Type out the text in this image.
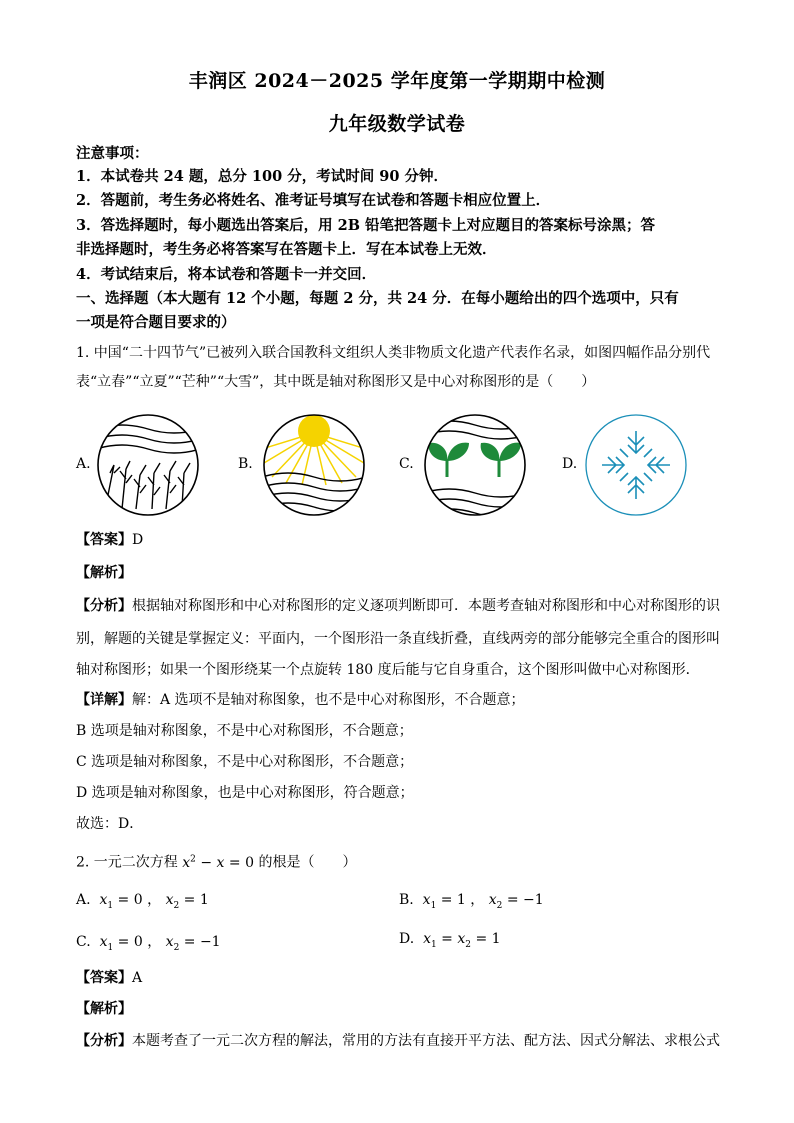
丰润区 2024－2025 学年度第一学期期中检测
九年级数学试卷
注意事项：
1．本试卷共 24 题，总分 100 分，考试时间 90 分钟．
2．答题前，考生务必将姓名、准考证号填写在试卷和答题卡相应位置上．
3．答选择题时，每小题选出答案后，用 2B 铅笔把答题卡上对应题目的答案标号涂黑；答
非选择题时，考生务必将答案写在答题卡上．写在本试卷上无效．
4．考试结束后，将本试卷和答题卡一并交回．
一、选择题（本大题有 12 个小题，每题 2 分，共 24 分．在每小题给出的四个选项中，只有
一项是符合题目要求的）
1. 中国“二十四节气”已被列入联合国教科文组织人类非物质文化遗产代表作名录，如图四幅作品分别代
表“立春”“立夏”“芒种”“大雪”，其中既是轴对称图形又是中心对称图形的是（　　）
A.	B.	C.	D.
【答案】D
【解析】
【分析】根据轴对称图形和中心对称图形的定义逐项判断即可．本题考查轴对称图形和中心对称图形的识
别，解题的关键是掌握定义：平面内，一个图形沿一条直线折叠，直线两旁的部分能够完全重合的图形叫
轴对称图形；如果一个图形绕某一个点旋转 180 度后能与它自身重合，这个图形叫做中心对称图形．
【详解】解：A 选项不是轴对称图象，也不是中心对称图形，不合题意；
B 选项是轴对称图象，不是中心对称图形，不合题意；
C 选项是轴对称图象，不是中心对称图形，不合题意；
D 选项是轴对称图象，也是中心对称图形，符合题意；
故选：D．
2. 一元二次方程 $x^2 - x = 0$ 的根是（　　）
A. $x_1 = 0$ ， $x_2 = 1$	B. $x_1 = 1$ ， $x_2 = -1$
C. $x_1 = 0$ ， $x_2 = -1$	D. $x_1 = x_2 = 1$
【答案】A
【解析】
【分析】本题考查了一元二次方程的解法，常用的方法有直接开平方法、配方法、因式分解法、求根公式
